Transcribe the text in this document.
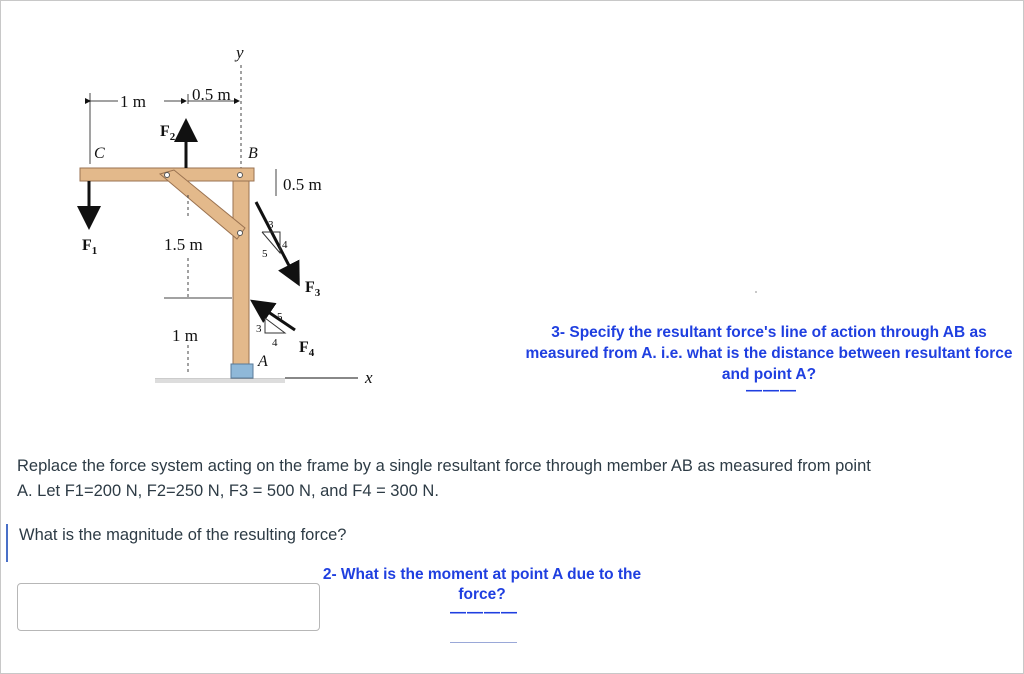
y
x
1 m	0.5 m
C	B
A
$F_2$
$F_1$
$F_3$
$F_4$
0.5 m
1.5 m
1 m
3
4
5
5
3
4
3- Specify the resultant force's line of action through AB as measured from A. i.e. what is the distance between resultant force and point A?
———
Replace the force system acting on the frame by a single resultant force through member AB as measured from point
A. Let F1=200 N, F2=250 N, F3 = 500 N, and F4 = 300 N.
What is the magnitude of the resulting force?
2- What is the moment at point A due to the force?
————
